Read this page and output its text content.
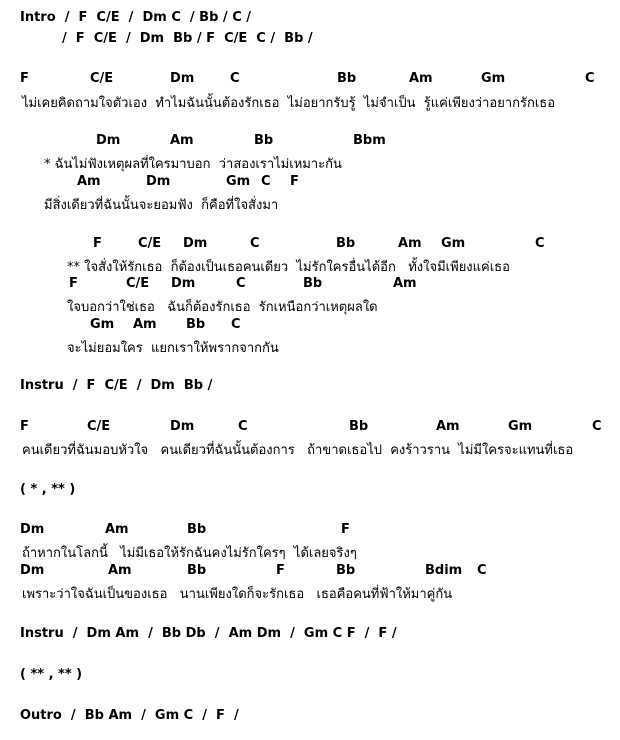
Intro  /  F  C/E  /  Dm C  / Bb / C /
/  F  C/E  /  Dm  Bb / F  C/E  C /  Bb /
F	C/E	Dm	C	Bb	Am	Gm	C
ไม่เคยคิดถามใจตัวเอง  ทำไมฉันนั้นต้องรักเธอ  ไม่อยากรับรู้  ไม่จำเป็น  รู้แค่เพียงว่าอยากรักเธอ
Dm	Am	Bb	Bbm
* ฉันไม่ฟังเหตุผลที่ใครมาบอก  ว่าสองเราไม่เหมาะกัน
Am	Dm	Gm C F
มีสิ่งเดียวที่ฉันนั้นจะยอมฟัง  ก็คือที่ใจสั่งมา
F	C/E Dm	C	Bb	Am Gm	C
** ใจสั่งให้รักเธอ  ก็ต้องเป็นเธอคนเดียว  ไม่รักใครอื่นได้อีก   ทั้งใจมีเพียงแค่เธอ
F	C/E Dm	C	Bb	Am
ใจบอกว่าใช่เธอ   ฉันก็ต้องรักเธอ  รักเหนือกว่าเหตุผลใด
Gm Am Bb C
จะไม่ยอมใคร  แยกเราให้พรากจากกัน
Instru  /  F  C/E  /  Dm  Bb /
F	C/E	Dm	C	Bb	Am	Gm	C
คนเดียวที่ฉันมอบหัวใจ   คนเดียวที่ฉันนั้นต้องการ   ถ้าขาดเธอไป  คงร้าวราน  ไม่มีใครจะแทนที่เธอ
( * , ** )
Dm	Am	Bb	F
ถ้าหากในโลกนี้   ไม่มีเธอให้รักฉันคงไม่รักใครๆ  ได้เลยจริงๆ
Dm	Am	Bb	F	Bb	Bdim C
เพราะว่าใจฉันเป็นของเธอ   นานเพียงใดก็จะรักเธอ   เธอคือคนที่ฟ้าให้มาคู่กัน
Instru  /  Dm Am  /  Bb Db  /  Am Dm  /  Gm C F  /  F /
( ** , ** )
Outro  /  Bb Am  /  Gm C  /  F  /
